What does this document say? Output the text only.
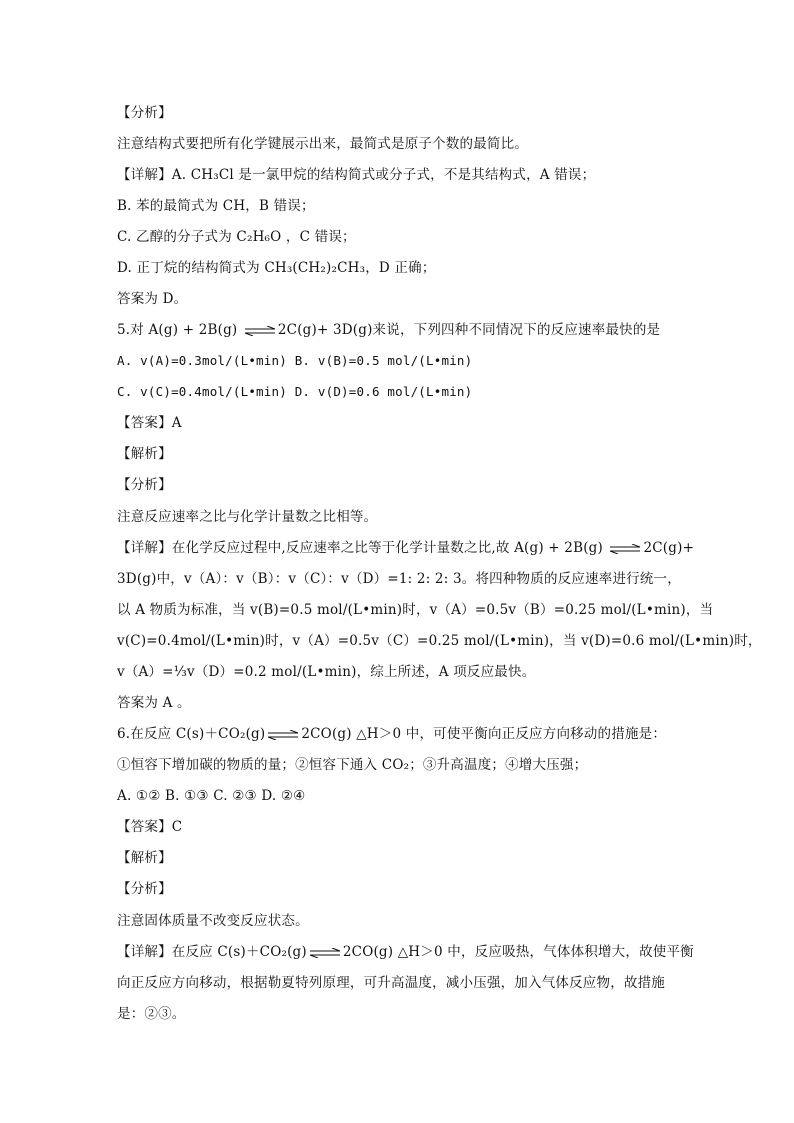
【分析】
注意结构式要把所有化学键展示出来，最简式是原子个数的最简比。
【详解】A. CH₃Cl 是一氯甲烷的结构简式或分子式，不是其结构式，A 错误；
B. 苯的最简式为 CH，B 错误；
C. 乙醇的分子式为 C₂H₆O ，C 错误；
D. 正丁烷的结构简式为 CH₃(CH₂)₂CH₃，D 正确；
答案为 D。
5.对 A(g) + 2B(g) ⇌2C(g)+ 3D(g)来说，下列四种不同情况下的反应速率最快的是
A. v(A)=0.3mol/(L•min) B. v(B)=0.5 mol/(L•min)
C. v(C)=0.4mol/(L•min) D. v(D)=0.6 mol/(L•min)
【答案】A
【解析】
【分析】
注意反应速率之比与化学计量数之比相等。
【详解】在化学反应过程中,反应速率之比等于化学计量数之比,故 A(g) + 2B(g) ⇌2C(g)+
3D(g)中，v（A）：v（B）：v（C）：v（D）=1: 2: 2: 3。将四种物质的反应速率进行统一，
以 A 物质为标准，当 v(B)=0.5 mol/(L•min)时，v（A）=0.5v（B）=0.25 mol/(L•min)，当
v(C)=0.4mol/(L•min)时，v（A）=0.5v（C）=0.25 mol/(L•min)，当 v(D)=0.6 mol/(L•min)时，
v（A）=⅓v（D）=0.2 mol/(L•min)，综上所述，A 项反应最快。
答案为 A 。
6.在反应 C(s)＋CO₂(g)⇌2CO(g) △H＞0 中，可使平衡向正反应方向移动的措施是：
①恒容下增加碳的物质的量；②恒容下通入 CO₂；③升高温度；④增大压强；
A. ①② B. ①③ C. ②③ D. ②④
【答案】C
【解析】
【分析】
注意固体质量不改变反应状态。
【详解】在反应 C(s)＋CO₂(g)⇌2CO(g) △H＞0 中，反应吸热，气体体积增大，故使平衡
向正反应方向移动，根据勒夏特列原理，可升高温度，减小压强，加入气体反应物，故措施
是：②③。
